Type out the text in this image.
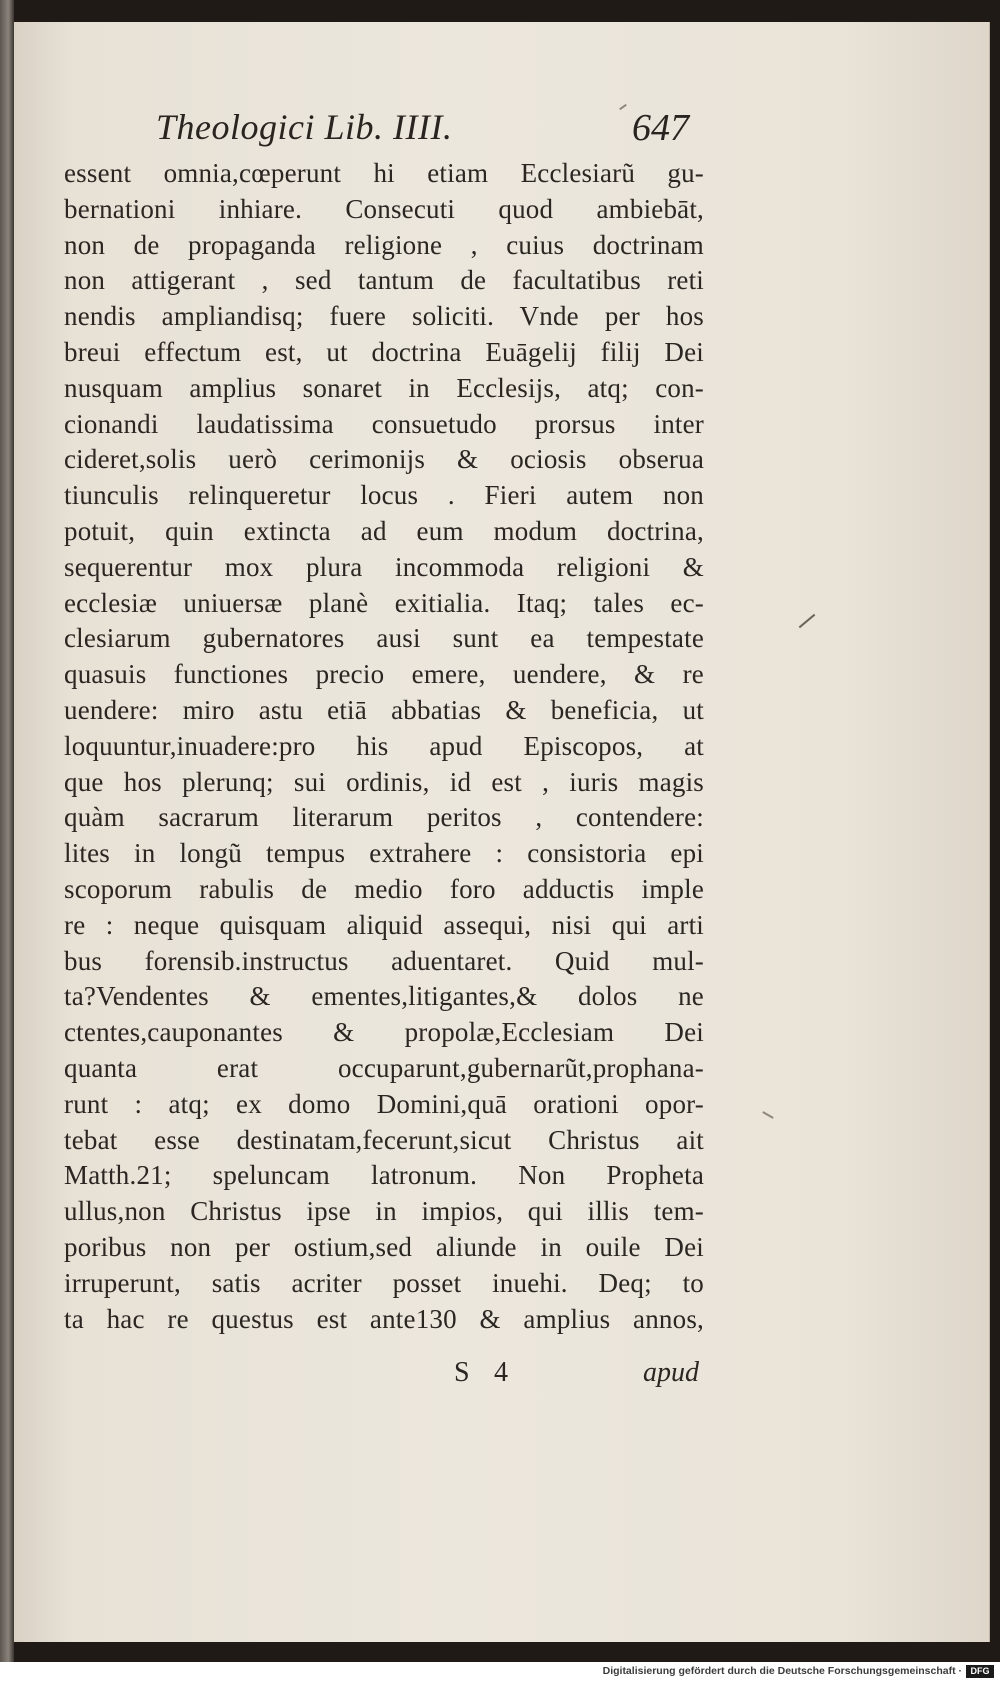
Theologici Lib. IIII.	647
essent omnia,cœperunt hi etiam Ecclesiarũ gu-
bernationi inhiare. Consecuti quod ambiebāt,
non de propaganda religione , cuius doctrinam
non attigerant , sed tantum de facultatibus reti
nendis ampliandisq; fuere soliciti. Vnde per hos
breui effectum est, ut doctrina Euāgelij filij Dei
nusquam amplius sonaret in Ecclesijs, atq; con-
cionandi laudatissima consuetudo prorsus inter
cideret,solis uerò cerimonijs & ociosis obserua
tiunculis relinqueretur locus . Fieri autem non
potuit, quin extincta ad eum modum doctrina,
sequerentur mox plura incommoda religioni &
ecclesiæ uniuersæ planè exitialia. Itaq; tales ec-
clesiarum gubernatores ausi sunt ea tempestate
quasuis functiones precio emere, uendere, & re
uendere: miro astu etiā abbatias & beneficia, ut
loquuntur,inuadere:pro his apud Episcopos, at
que hos plerunq; sui ordinis, id est , iuris magis
quàm sacrarum literarum peritos , contendere:
lites in longũ tempus extrahere : consistoria epi
scoporum rabulis de medio foro adductis imple
re : neque quisquam aliquid assequi, nisi qui arti
bus forensib.instructus aduentaret. Quid mul-
ta?Vendentes & ementes,litigantes,& dolos ne
ctentes,cauponantes & propolæ,Ecclesiam Dei
quanta erat occuparunt,gubernarũt,prophana-
runt : atq; ex domo Domini,quā orationi opor-
tebat esse destinatam,fecerunt,sicut Christus ait
Matth.21; speluncam latronum. Non Propheta
ullus,non Christus ipse in impios, qui illis tem-
poribus non per ostium,sed aliunde in ouile Dei
irruperunt, satis acriter posset inuehi. Deq; to
ta hac re questus est ante130 & amplius annos,
S 4	apud
Digitalisierung gefördert durch die Deutsche Forschungsgemeinschaft · DFG
